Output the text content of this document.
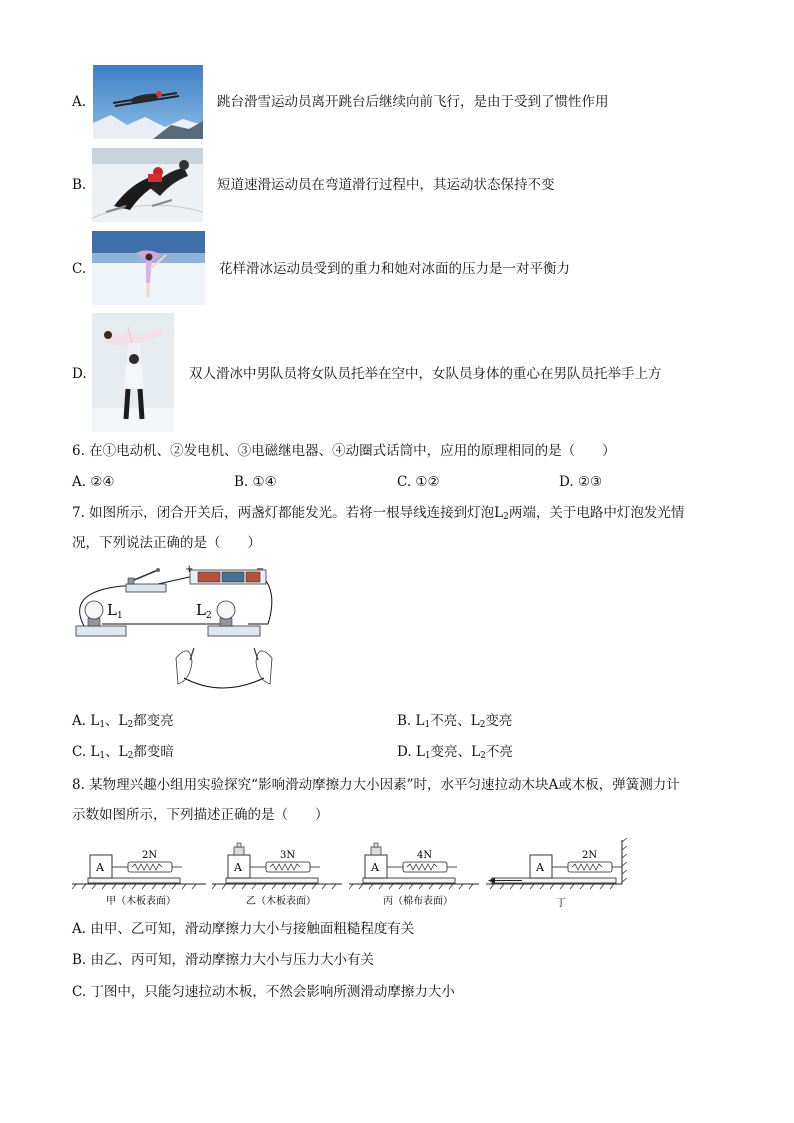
A.	跳台滑雪运动员离开跳台后继续向前飞行，是由于受到了惯性作用
B.	短道速滑运动员在弯道滑行过程中，其运动状态保持不变
C.	花样滑冰运动员受到的重力和她对冰面的压力是一对平衡力
D.	双人滑冰中男队员将女队员托举在空中，女队员身体的重心在男队员托举手上方
6. 在①电动机、②发电机、③电磁继电器、④动圈式话筒中，应用的原理相同的是（　　）
A. ②④	B. ①④	C. ①②	D. ②③
7. 如图所示，闭合开关后，两盏灯都能发光。若将一根导线连接到灯泡$L_2$两端，关于电路中灯泡发光情
况，下列说法正确的是（　　）
+	−
$L_1$	$L_2$
A. $L_1$、$L_2$都变亮	B. $L_1$不亮、$L_2$变亮
C. $L_1$、$L_2$都变暗	D. $L_1$变亮、$L_2$不亮
8. 某物理兴趣小组用实验探究“影响滑动摩擦力大小因素”时，水平匀速拉动木块A或木板，弹簧测力计
示数如图所示，下列描述正确的是（　　）
A
2N
甲（木板表面）
A
3N
乙（木板表面）
A
4N
丙（棉布表面）
A
2N
丁
A. 由甲、乙可知，滑动摩擦力大小与接触面粗糙程度有关
B. 由乙、丙可知，滑动摩擦力大小与压力大小有关
C. 丁图中，只能匀速拉动木板，不然会影响所测滑动摩擦力大小
